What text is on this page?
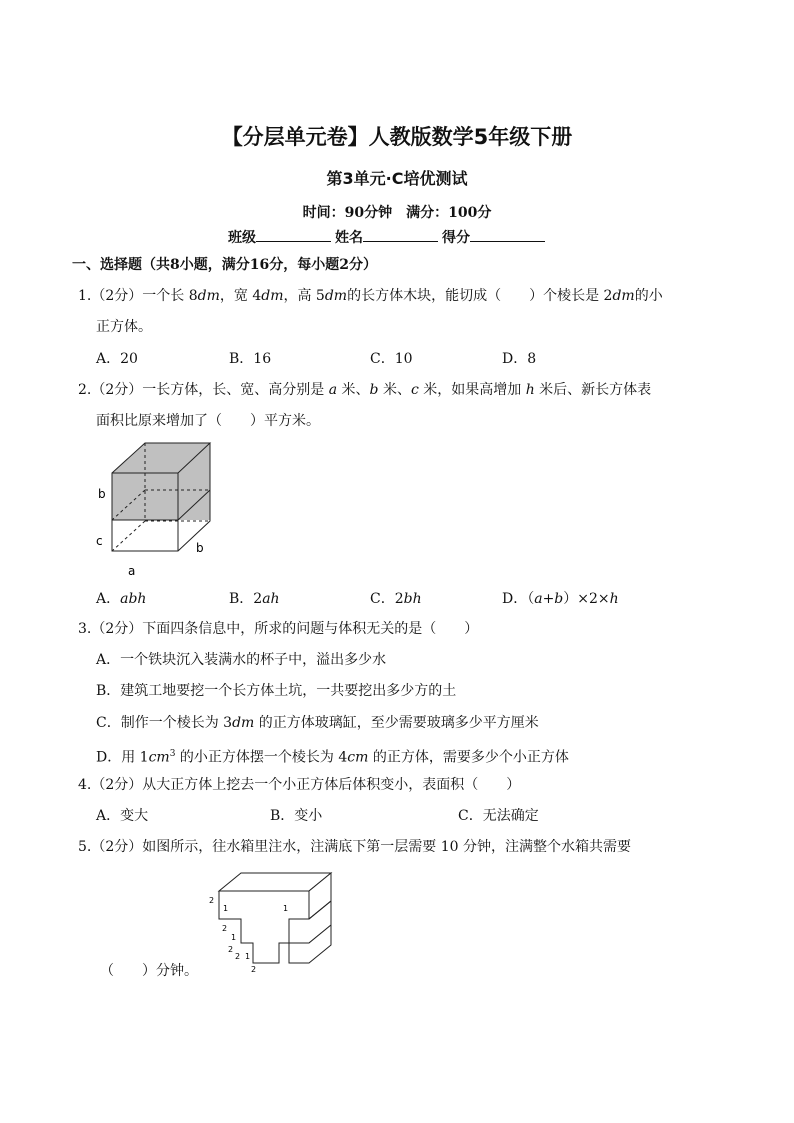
【分层单元卷】人教版数学5年级下册
第3单元·C培优测试
时间：90分钟　满分：100分
班级	姓名	得分
一、选择题（共8小题，满分16分，每小题2分）
1.（2分）一个长 8dm，宽 4dm，高 5dm的长方体木块，能切成（　　）个棱长是 2dm的小
正方体。
A．20	B．16	C．10	D．8
2.（2分）一长方体，长、宽、高分别是 a 米、b 米、c 米，如果高增加 h 米后、新长方体表
面积比原来增加了（　　）平方米。
b
c	b
a
A．abh	B．2ah	C．2bh	D．（a+b）×2×h
3.（2分）下面四条信息中，所求的问题与体积无关的是（　　）
A．一个铁块沉入装满水的杯子中，溢出多少水
B．建筑工地要挖一个长方体土坑，一共要挖出多少方的土
C．制作一个棱长为 3dm 的正方体玻璃缸，至少需要玻璃多少平方厘米
D．用 $1cm^3$ 的小正方体摆一个棱长为 4cm 的正方体，需要多少个小正方体
4.（2分）从大正方体上挖去一个小正方体后体积变小，表面积（　　）
A．变大	B．变小	C．无法确定
5.（2分）如图所示，往水箱里注水，注满底下第一层需要 10 分钟，注满整个水箱共需要
2
1	1
2
1
2
2 1
2
（　　）分钟。
